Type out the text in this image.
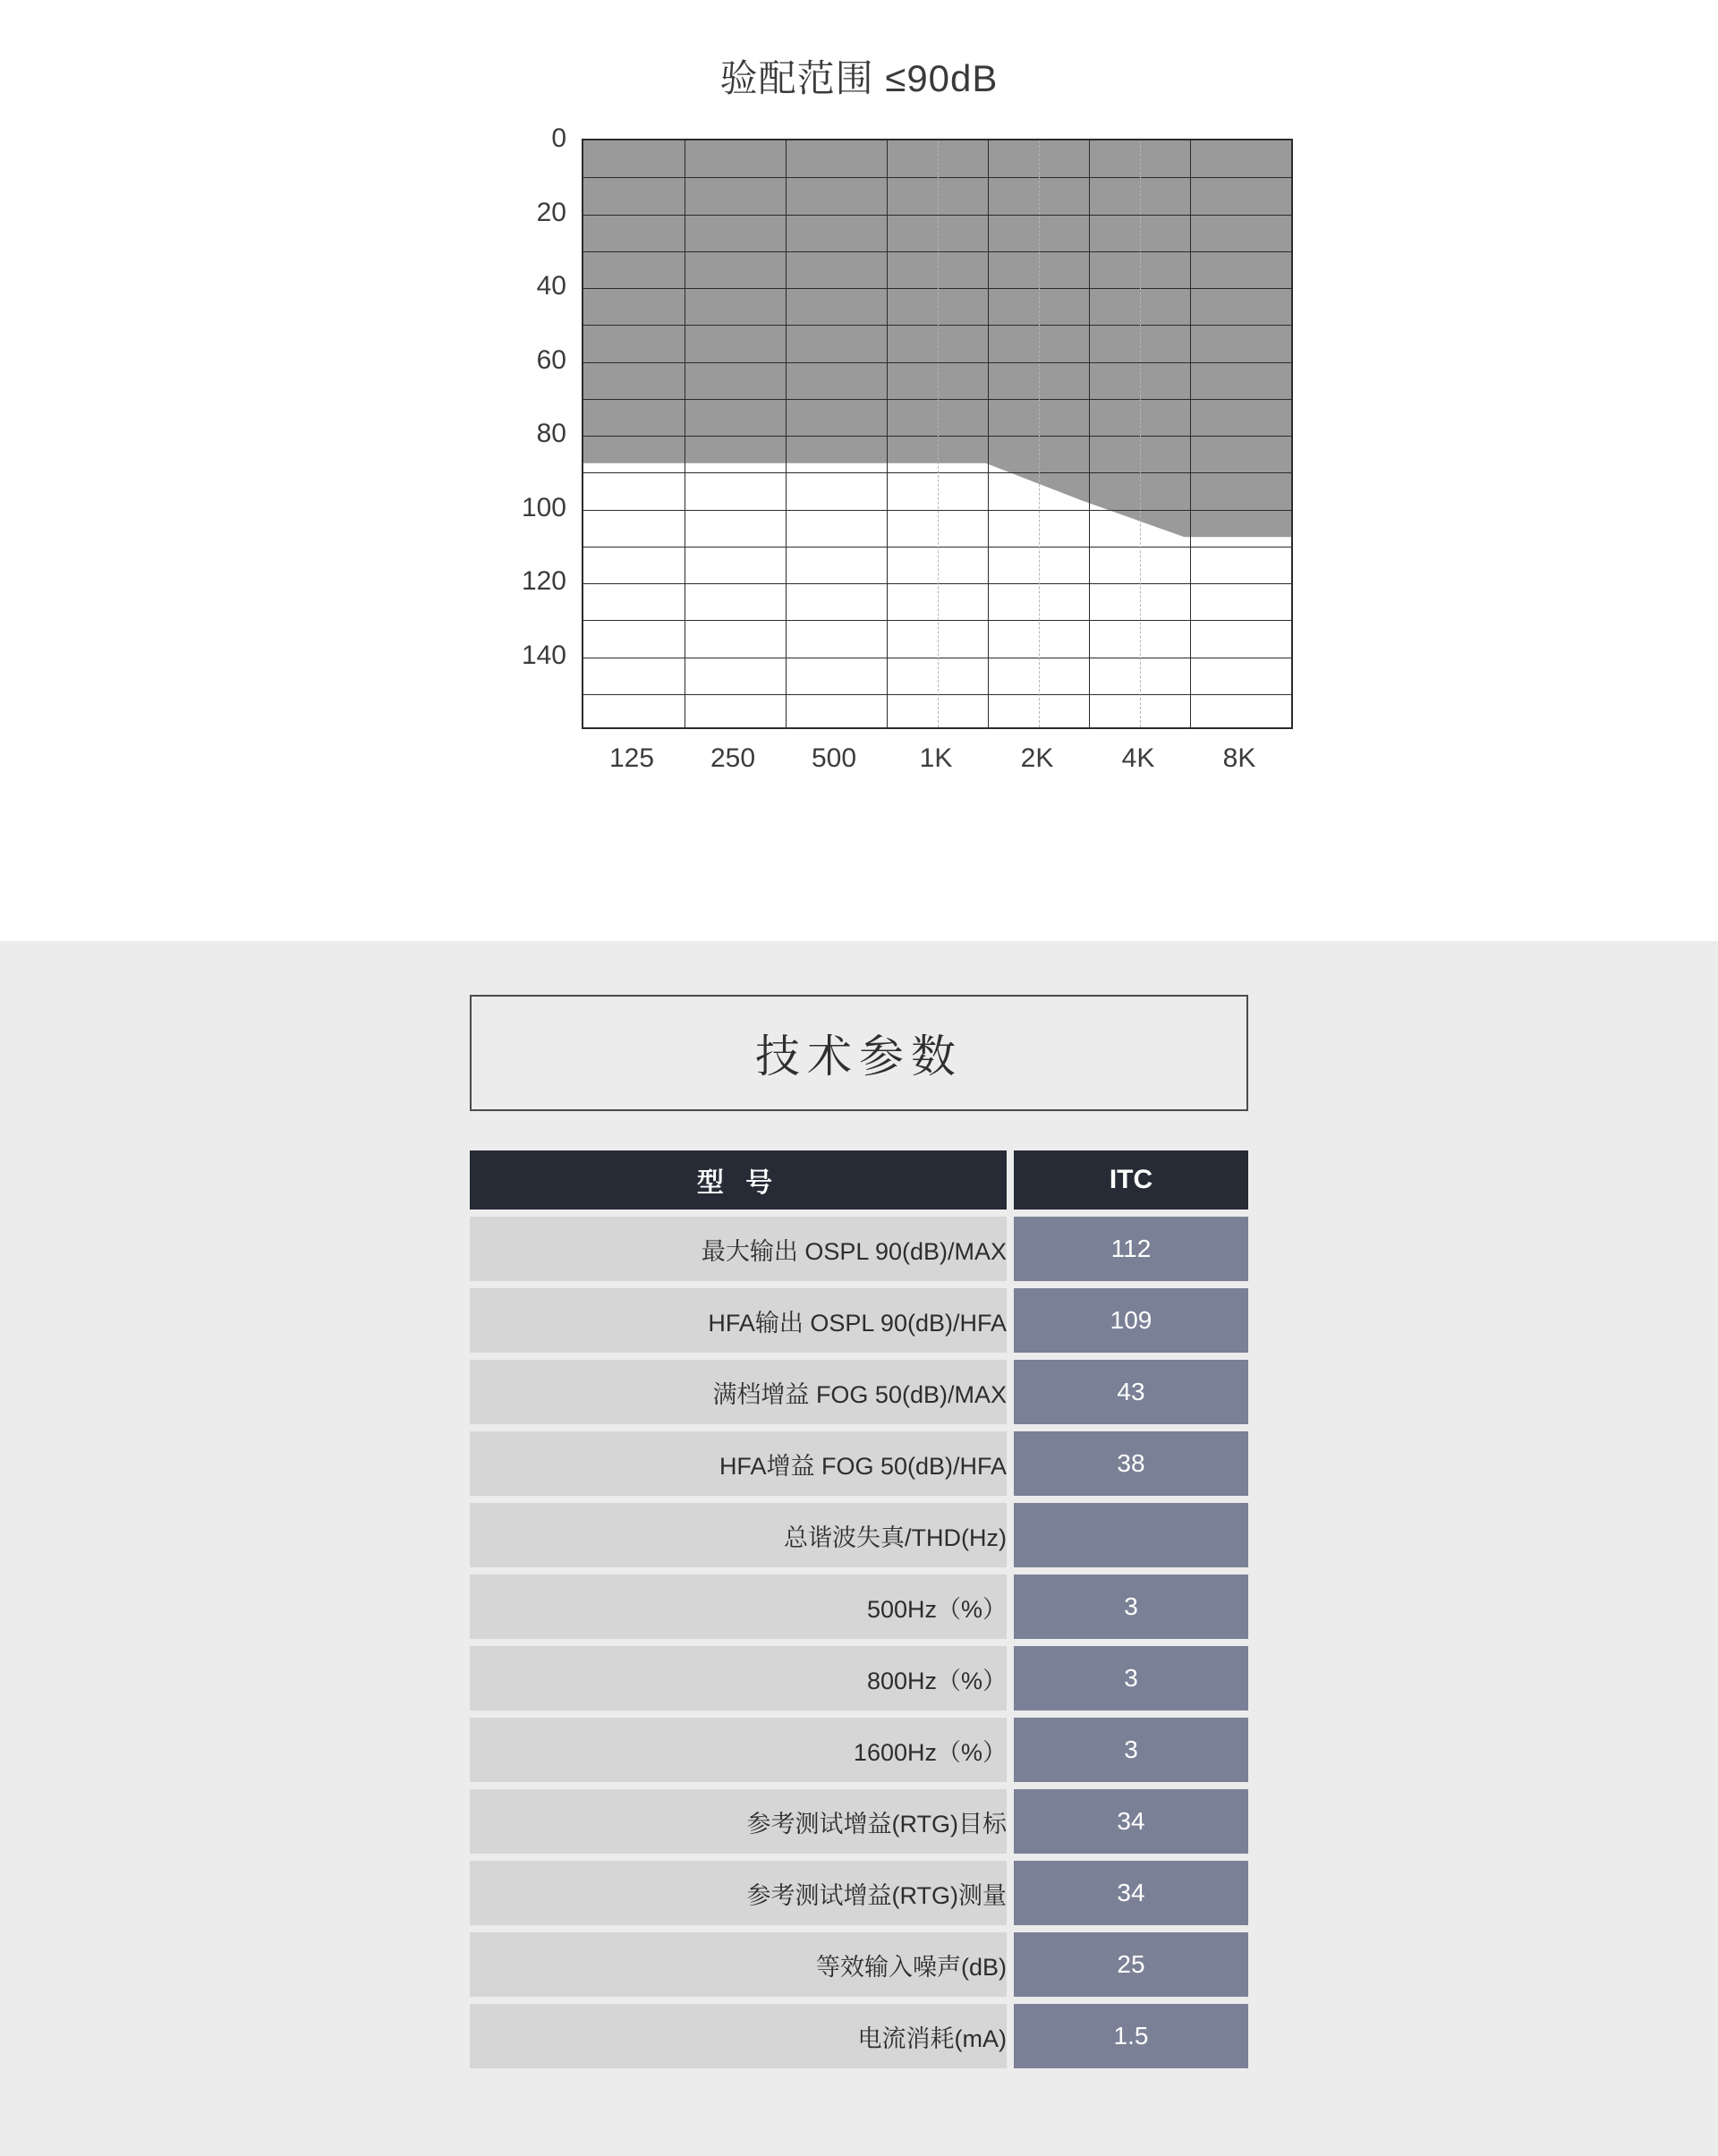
验配范围 ≤90dB
0
20
40
60
80
100
120
140
125	250	500	1K	2K	4K	8K
技术参数
型 号		ITC
最大输出 OSPL 90(dB)/MAX		112
HFA输出 OSPL 90(dB)/HFA		109
满档增益 FOG 50(dB)/MAX		43
HFA增益 FOG 50(dB)/HFA		38
总谐波失真/THD(Hz)		
500Hz（%）		3
800Hz（%）		3
1600Hz（%）		3
参考测试增益(RTG)目标		34
参考测试增益(RTG)测量		34
等效输入噪声(dB)		25
电流消耗(mA)		1.5
